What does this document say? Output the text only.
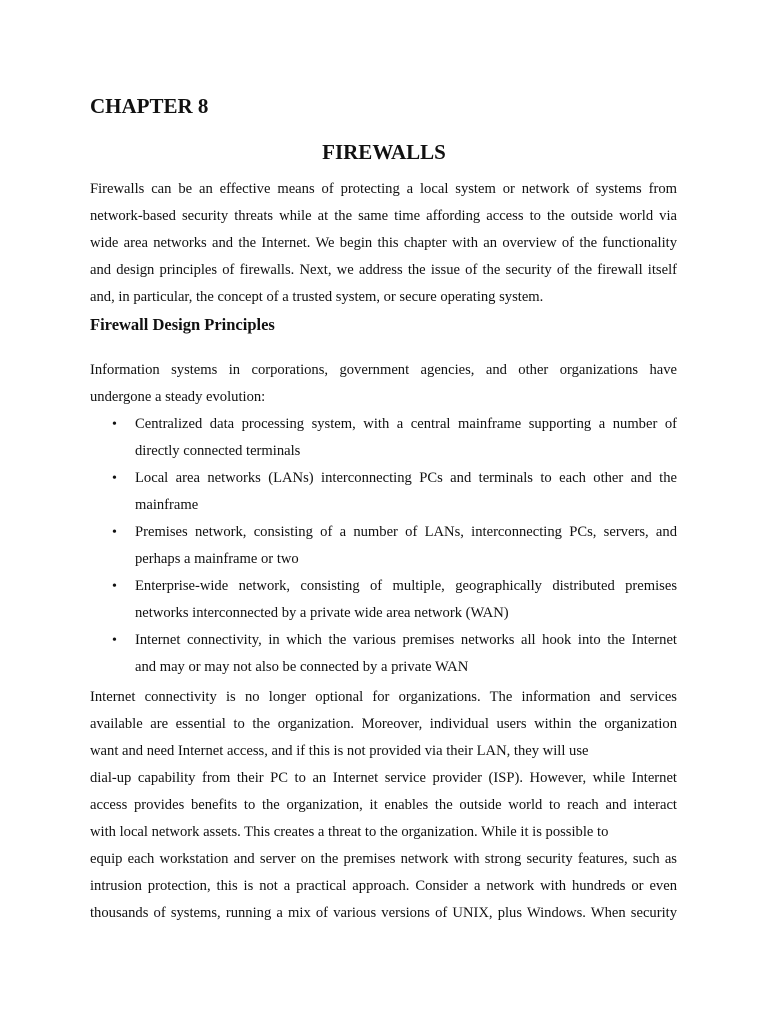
CHAPTER 8
FIREWALLS

Firewalls can be an effective means of protecting a local system or network of systems from
network-based security threats while at the same time affording access to the outside world via
wide area networks and the Internet. We begin this chapter with an overview of the functionality
and design principles of firewalls. Next, we address the issue of the security of the firewall itself
and, in particular, the concept of a trusted system, or secure operating system.

Firewall Design Principles

Information systems in corporations, government agencies, and other organizations have
undergone a steady evolution:

• Centralized data processing system, with a central mainframe supporting a number of
directly connected terminals
• Local area networks (LANs) interconnecting PCs and terminals to each other and the
mainframe
• Premises network, consisting of a number of LANs, interconnecting PCs, servers, and
perhaps a mainframe or two
• Enterprise-wide network, consisting of multiple, geographically distributed premises
networks interconnected by a private wide area network (WAN)
• Internet connectivity, in which the various premises networks all hook into the Internet
and may or may not also be connected by a private WAN

Internet connectivity is no longer optional for organizations. The information and services
available are essential to the organization. Moreover, individual users within the organization
want and need Internet access, and if this is not provided via their LAN, they will use
dial-up capability from their PC to an Internet service provider (ISP). However, while Internet
access provides benefits to the organization, it enables the outside world to reach and interact
with local network assets. This creates a threat to the organization. While it is possible to
equip each workstation and server on the premises network with strong security features, such as
intrusion protection, this is not a practical approach. Consider a network with hundreds or even
thousands of systems, running a mix of various versions of UNIX, plus Windows. When security
